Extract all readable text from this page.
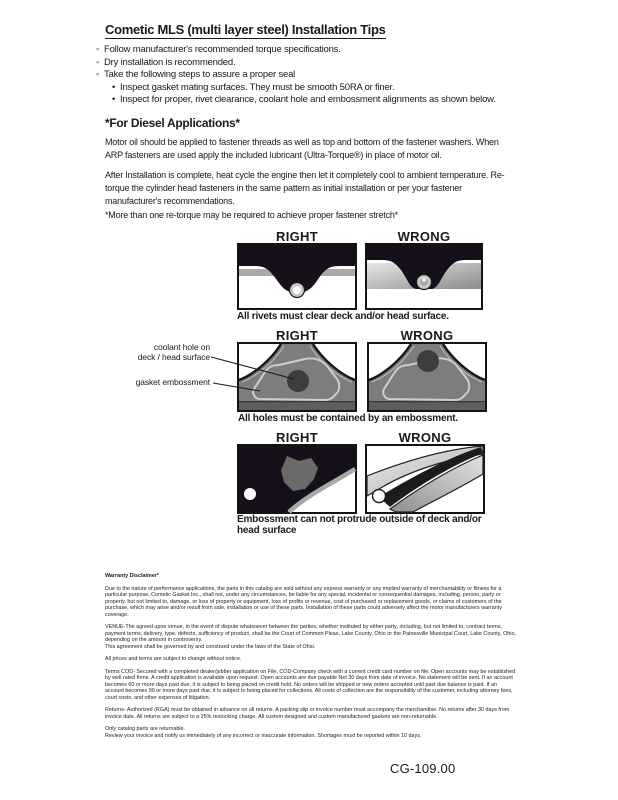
Cometic MLS (multi layer steel) Installation Tips
◦ Follow manufacturer's recommended torque specifications.
◦ Dry installation is recommended.
◦ Take the following steps to assure a proper seal
• Inspect gasket mating surfaces. They must be smooth 50RA or finer.
• Inspect for proper, rivet clearance, coolant hole and embossment alignments as shown below.
*For Diesel Applications*
Motor oil should be applied to fastener threads as well as top and bottom of the fastener washers. When ARP fasteners are used apply the included lubricant (Ultra-Torque®) in place of motor oil.
After Installation is complete, heat cycle the engine then let it completely cool to ambient temperature. Re-torque the cylinder head fasteners in the same pattern as initial installation or per your fastener manufacturer's recommendations.
*More than one re-torque may be required to achieve proper fastener stretch*
RIGHT	WRONG
All rivets must clear deck and/or head surface.
RIGHT	WRONG
coolant hole on
deck / head surface
gasket embossment
All holes must be contained by an embossment.
RIGHT	WRONG
Embossment can not protrude outside of deck and/or head surface
Warranty Disclaimer*
Due to the nature of performance applications, the parts in this catalog are sold without any express warranty or any implied warranty of merchantability or fitness for a particular purpose. Cometic Gasket Inc., shall not, under any circumstances, be liable for any special, incidental or consequential damages, including, person, party or property, but not limited to, damage, or loss of property or equipment, loss of profits or revenue, cost of purchased or replacement goods, or claims of customers of the purchase, which may arise and/or result from sale, installation or use of these parts. Installation of these parts could adversely affect the motor manufacturers warranty coverage.
VENUE-The agreed upon venue, in the event of dispute whatsoever between the parties, whether instituted by either party, including, but not limited to, contract terms, payment terms, delivery, type, defects, sufficiency of product, shall be the Court of Common Pleas, Lake County, Ohio or the Painesville Municipal Court, Lake County, Ohio, depending on the amount in controversy.
This agreement shall be governed by and construed under the laws of the State of Ohio.
All prices and terms are subject to change without notice.
Terms COD- Secured with a completed dealer/jobber application on File, COD-Company check with a current credit card number on file. Open accounts may be established by well rated firms. A credit application is available upon request. Open accounts are due payable Net 30 days from date of invoice. No statement will be sent. If an account becomes 60 or more days past due, it is subject to being placed on credit hold. No orders will be shipped or new orders accepted until past due balance is paid. If an account becomes 90 or more days past due, it is subject to being placed for collections. All costs of collection are the responsibility of the customer, including attorney fees, court costs, and other expenses of litigation.
Returns- Authorized (RGA) must be obtained in advance on all returns. A packing slip or invoice number must accompany the merchandise. No returns after 30 days from invoice date. All returns are subject to a 25% restocking charge. All custom designed and custom manufactured gaskets are non-returnable.
Only catalog parts are returnable.
Review your invoice and notify us immediately of any incorrect or inaccurate information. Shortages must be reported within 10 days.
CG-109.00
